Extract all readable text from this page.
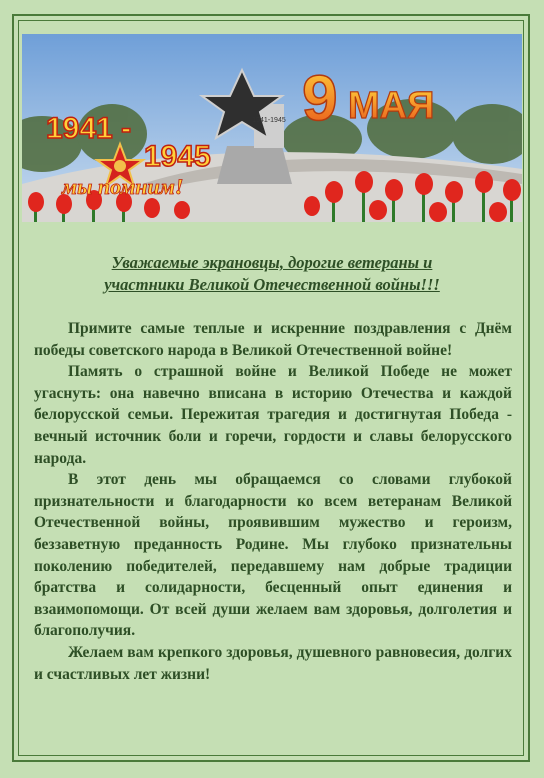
1941-1945
1941 -
1945
мы помним!
9 МАЯ
Уважаемые экрановцы, дорогие ветераны и
участники Великой Отечественной войны!!!

Примите самые теплые и искренние поздравления с Днём победы советского народа в Великой Отечественной войне!

Память о страшной войне и Великой Победе не может угаснуть: она навечно вписана в историю Отечества и каждой белорусской семьи. Пережитая трагедия и достигнутая Победа - вечный источник боли и горечи, гордости и славы белорусского народа.

В этот день мы обращаемся со словами глубокой признательности и благодарности ко всем ветеранам Великой Отечественной войны, проявившим мужество и героизм, беззаветную преданность Родине. Мы глубоко признательны поколению победителей, передавшему нам добрые традиции братства и солидарности, бесценный опыт единения и взаимопомощи. От всей души желаем вам здоровья, долголетия и благополучия.

Желаем вам крепкого здоровья, душевного равновесия, долгих и счастливых лет жизни!
